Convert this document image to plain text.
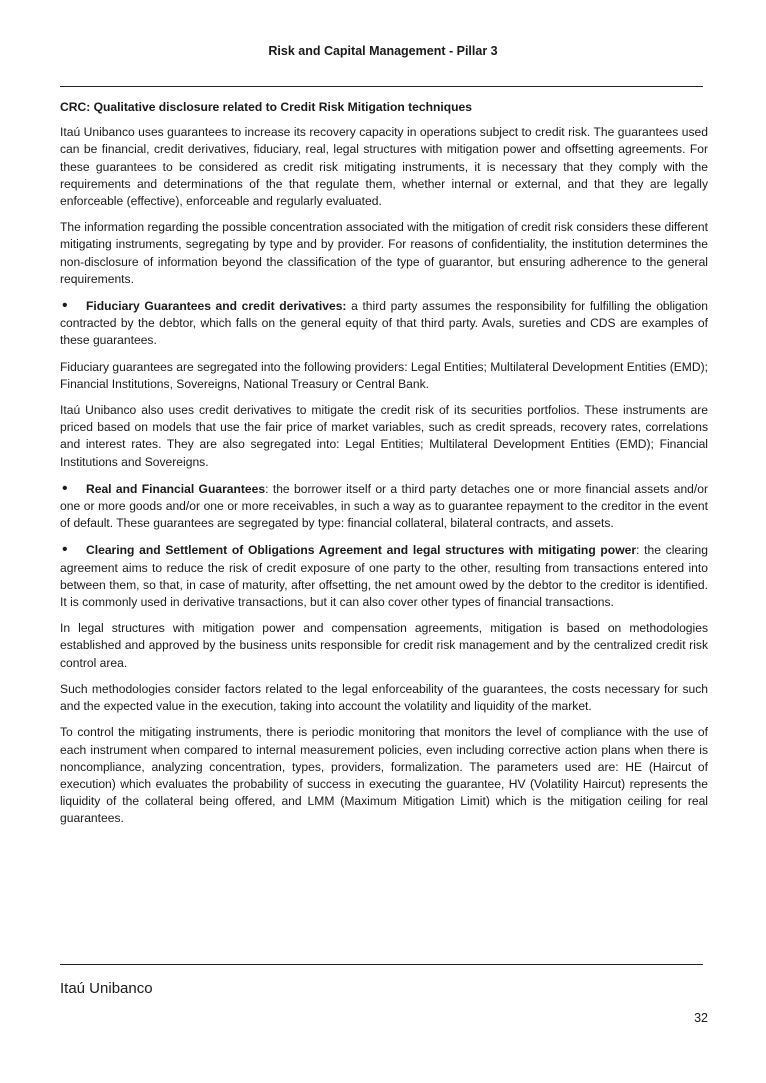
Risk and Capital Management - Pillar 3

CRC: Qualitative disclosure related to Credit Risk Mitigation techniques

Itaú Unibanco uses guarantees to increase its recovery capacity in operations subject to credit risk. The guarantees used can be financial, credit derivatives, fiduciary, real, legal structures with mitigation power and offsetting agreements. For these guarantees to be considered as credit risk mitigating instruments, it is necessary that they comply with the requirements and determinations of the that regulate them, whether internal or external, and that they are legally enforceable (effective), enforceable and regularly evaluated.

The information regarding the possible concentration associated with the mitigation of credit risk considers these different mitigating instruments, segregating by type and by provider. For reasons of confidentiality, the institution determines the non-disclosure of information beyond the classification of the type of guarantor, but ensuring adherence to the general requirements.

• Fiduciary Guarantees and credit derivatives: a third party assumes the responsibility for fulfilling the obligation contracted by the debtor, which falls on the general equity of that third party. Avals, sureties and CDS are examples of these guarantees.

Fiduciary guarantees are segregated into the following providers: Legal Entities; Multilateral Development Entities (EMD); Financial Institutions, Sovereigns, National Treasury or Central Bank.

Itaú Unibanco also uses credit derivatives to mitigate the credit risk of its securities portfolios. These instruments are priced based on models that use the fair price of market variables, such as credit spreads, recovery rates, correlations and interest rates. They are also segregated into: Legal Entities; Multilateral Development Entities (EMD); Financial Institutions and Sovereigns.

• Real and Financial Guarantees: the borrower itself or a third party detaches one or more financial assets and/or one or more goods and/or one or more receivables, in such a way as to guarantee repayment to the creditor in the event of default. These guarantees are segregated by type: financial collateral, bilateral contracts, and assets.

• Clearing and Settlement of Obligations Agreement and legal structures with mitigating power: the clearing agreement aims to reduce the risk of credit exposure of one party to the other, resulting from transactions entered into between them, so that, in case of maturity, after offsetting, the net amount owed by the debtor to the creditor is identified. It is commonly used in derivative transactions, but it can also cover other types of financial transactions.

In legal structures with mitigation power and compensation agreements, mitigation is based on methodologies established and approved by the business units responsible for credit risk management and by the centralized credit risk control area.

Such methodologies consider factors related to the legal enforceability of the guarantees, the costs necessary for such and the expected value in the execution, taking into account the volatility and liquidity of the market.

To control the mitigating instruments, there is periodic monitoring that monitors the level of compliance with the use of each instrument when compared to internal measurement policies, even including corrective action plans when there is noncompliance, analyzing concentration, types, providers, formalization. The parameters used are: HE (Haircut of execution) which evaluates the probability of success in executing the guarantee, HV (Volatility Haircut) represents the liquidity of the collateral being offered, and LMM (Maximum Mitigation Limit) which is the mitigation ceiling for real guarantees.

Itaú Unibanco
32
